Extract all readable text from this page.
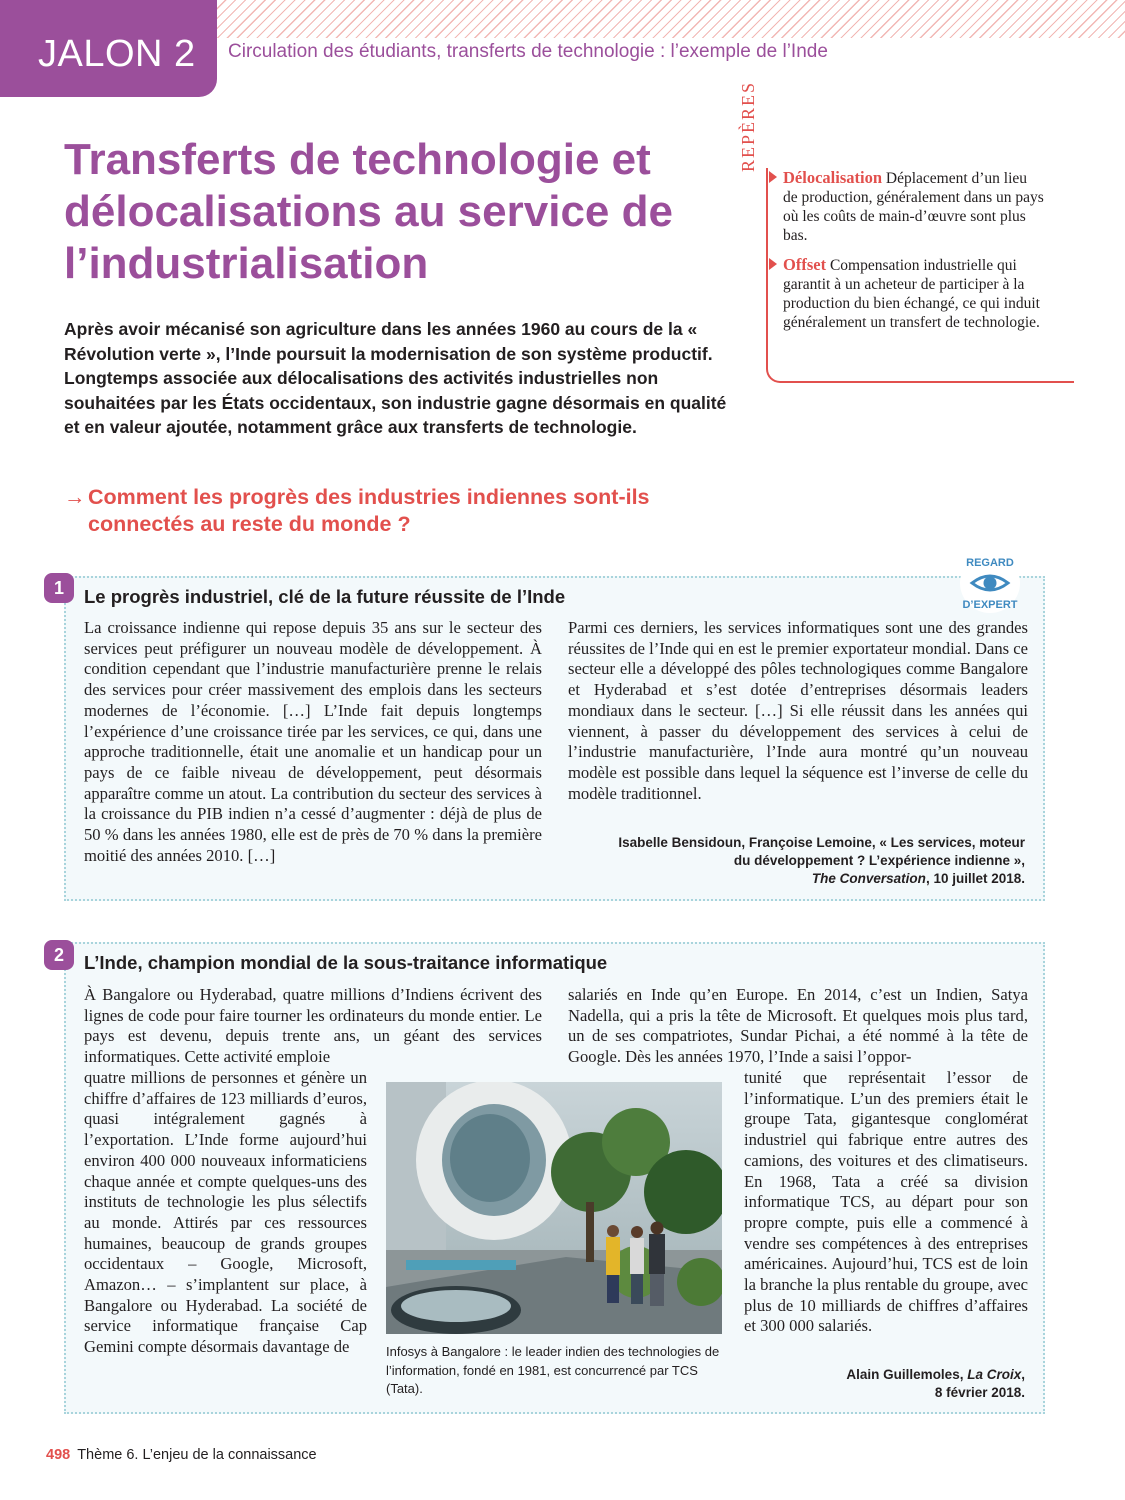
JALON 2	Circulation des étudiants, transferts de technologie : l’exemple de l’Inde
Transferts de technologie et délocalisations au service de l’industrialisation

Après avoir mécanisé son agriculture dans les années 1960 au cours de la « Révolution verte », l’Inde poursuit la modernisation de son système productif. Longtemps associée aux délocalisations des activités industrielles non souhaitées par les États occidentaux, son industrie gagne désormais en qualité et en valeur ajoutée, notamment grâce aux transferts de technologie.

→ Comment les progrès des industries indiennes sont-ils connectés au reste du monde ?
REPÈRES
Délocalisation Déplacement d’un lieu de production, généralement dans un pays où les coûts de main-d’œuvre sont plus bas.
Offset Compensation industrielle qui garantit à un acheteur de participer à la production du bien échangé, ce qui induit généralement un transfert de technologie.
Le progrès industriel, clé de la future réussite de l’Inde

La croissance indienne qui repose depuis 35 ans sur le secteur des services peut préfigurer un nouveau modèle de développement. À condition cependant que l’industrie manufacturière prenne le relais des services pour créer massivement des emplois dans les secteurs modernes de l’économie. […] L’Inde fait depuis longtemps l’expérience d’une croissance tirée par les services, ce qui, dans une approche traditionnelle, était une anomalie et un handicap pour un pays de ce faible niveau de développement, peut désormais apparaître comme un atout. La contribution du secteur des services à la croissance du PIB indien n’a cessé d’augmenter : déjà de plus de 50 % dans les années 1980, elle est de près de 70 % dans la première moitié des années 2010. […]

Parmi ces derniers, les services informatiques sont une des grandes réussites de l’Inde qui en est le premier exportateur mondial. Dans ce secteur elle a développé des pôles technologiques comme Bangalore et Hyderabad et s’est dotée d’entreprises désormais leaders mondiaux dans le secteur. […] Si elle réussit dans les années qui viennent, à passer du développement des services à celui de l’industrie manufacturière, l’Inde aura montré qu’un nouveau modèle est possible dans lequel la séquence est l’inverse de celle du modèle traditionnel.

Isabelle Bensidoun, Françoise Lemoine, « Les services, moteur
du développement ? L’expérience indienne »,
The Conversation, 10 juillet 2018.
1
REGARD
D’EXPERT
L’Inde, champion mondial de la sous-traitance informatique

À Bangalore ou Hyderabad, quatre millions d’Indiens écrivent des lignes de code pour faire tourner les ordinateurs du monde entier. Le pays est devenu, depuis trente ans, un géant des services informatiques. Cette activité emploie

quatre millions de personnes et génère un chiffre d’affaires de 123 milliards d’euros, quasi intégralement gagnés à l’exportation. L’Inde forme aujourd’hui environ 400 000 nouveaux informaticiens chaque année et compte quelques-uns des instituts de technologie les plus sélectifs au monde. Attirés par ces ressources humaines, beaucoup de grands groupes occidentaux – Google, Microsoft, Amazon… – s’implantent sur place, à Bangalore ou Hyderabad. La société de service informatique française Cap Gemini compte désormais davantage de

salariés en Inde qu’en Europe. En 2014, c’est un Indien, Satya Nadella, qui a pris la tête de Microsoft. Et quelques mois plus tard, un de ses compatriotes, Sundar Pichai, a été nommé à la tête de Google. Dès les années 1970, l’Inde a saisi l’oppor-

tunité que représentait l’essor de l’informatique. L’un des premiers était le groupe Tata, gigantesque conglomérat industriel qui fabrique entre autres des camions, des voitures et des climatiseurs. En 1968, Tata a créé sa division informatique TCS, au départ pour son propre compte, puis elle a commencé à vendre ses compétences à des entreprises américaines. Aujourd’hui, TCS est de loin la branche la plus rentable du groupe, avec plus de 10 milliards de chiffres d’affaires et 300 000 salariés.

Alain Guillemoles, La Croix,
8 février 2018.
2

Infosys à Bangalore : le leader indien des technologies de l’information, fondé en 1981, est concurrencé par TCS (Tata).

498 Thème 6. L’enjeu de la connaissance
